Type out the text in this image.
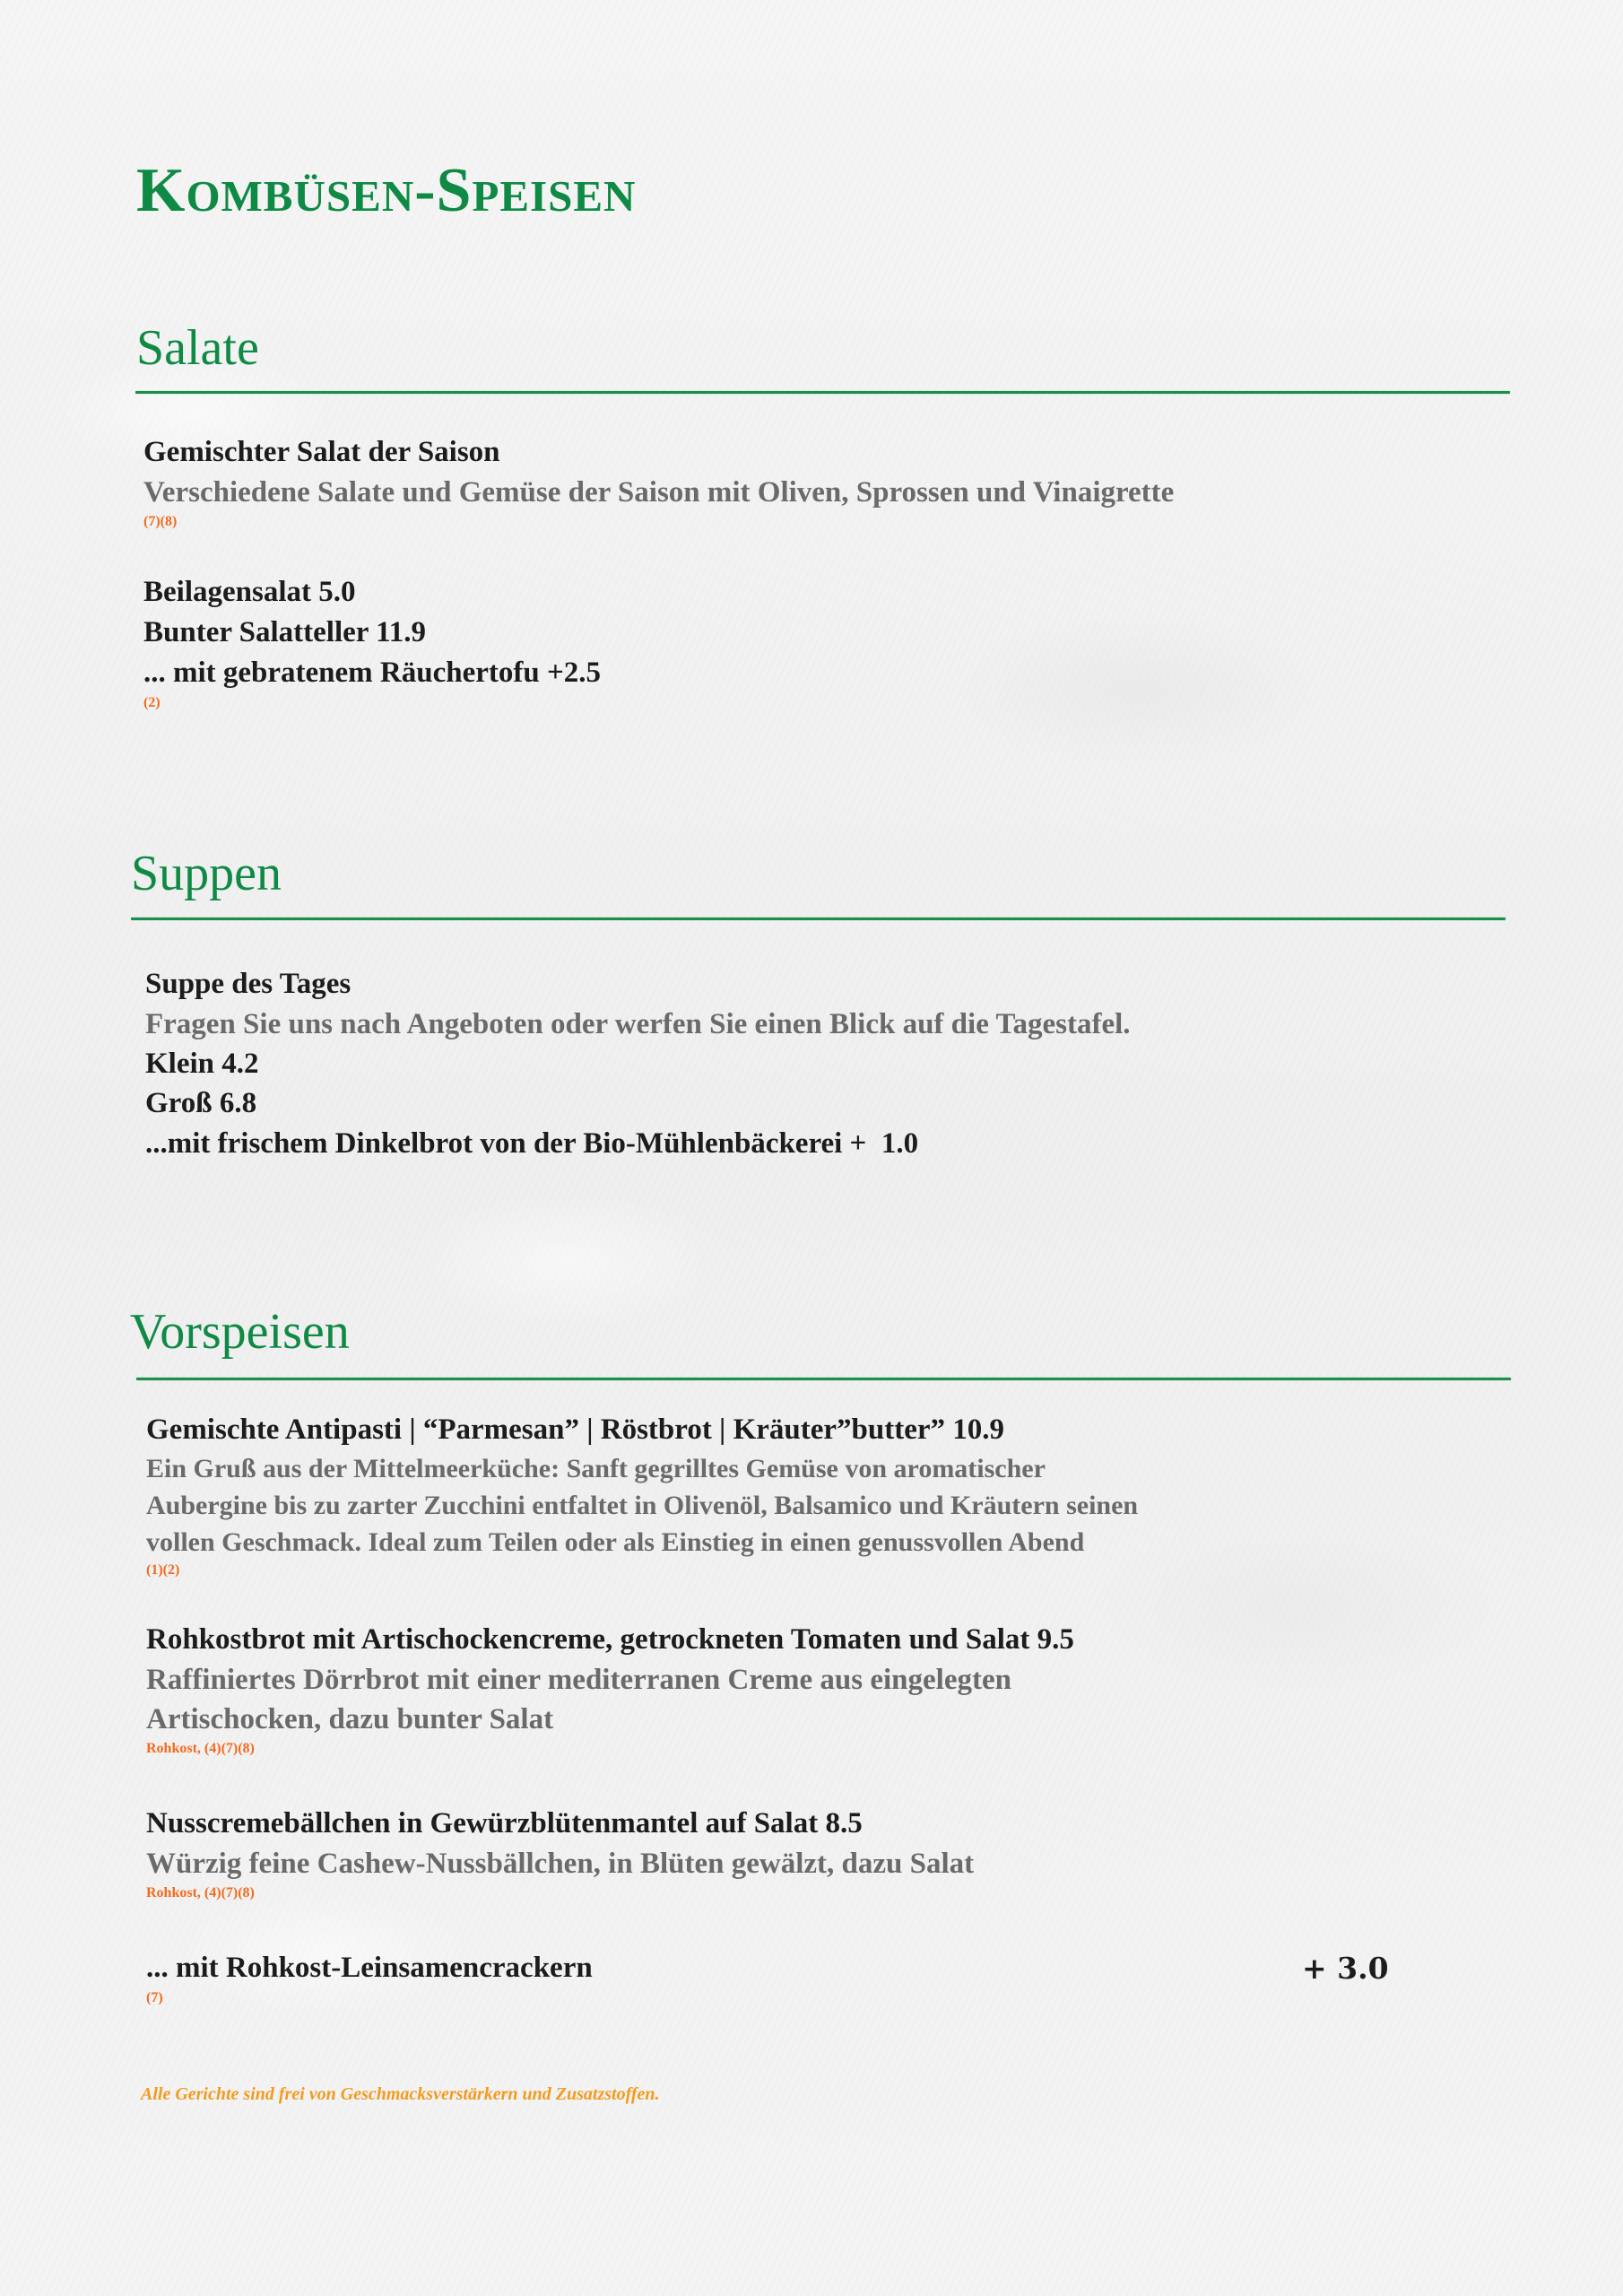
Kombüsen-Speisen
Salate
Gemischter Salat der Saison
Verschiedene Salate und Gemüse der Saison mit Oliven, Sprossen und Vinaigrette
(7)(8)
Beilagensalat 5.0
Bunter Salatteller 11.9
... mit gebratenem Räuchertofu +2.5
(2)
Suppen
Suppe des Tages
Fragen Sie uns nach Angeboten oder werfen Sie einen Blick auf die Tagestafel.
Klein 4.2
Groß 6.8
...mit frischem Dinkelbrot von der Bio-Mühlenbäckerei +  1.0
Vorspeisen
Gemischte Antipasti | “Parmesan” | Röstbrot | Kräuter”butter” 10.9
Ein Gruß aus der Mittelmeerküche: Sanft gegrilltes Gemüse von aromatischer
Aubergine bis zu zarter Zucchini entfaltet in Olivenöl, Balsamico und Kräutern seinen
vollen Geschmack. Ideal zum Teilen oder als Einstieg in einen genussvollen Abend
(1)(2)
Rohkostbrot mit Artischockencreme, getrockneten Tomaten und Salat 9.5
Raffiniertes Dörrbrot mit einer mediterranen Creme aus eingelegten
Artischocken, dazu bunter Salat
Rohkost, (4)(7)(8)
Nusscremebällchen in Gewürzblütenmantel auf Salat 8.5
Würzig feine Cashew-Nussbällchen, in Blüten gewälzt, dazu Salat
Rohkost, (4)(7)(8)
... mit Rohkost-Leinsamencrackern
(7)
+ 3.0
Alle Gerichte sind frei von Geschmacksverstärkern und Zusatzstoffen.
